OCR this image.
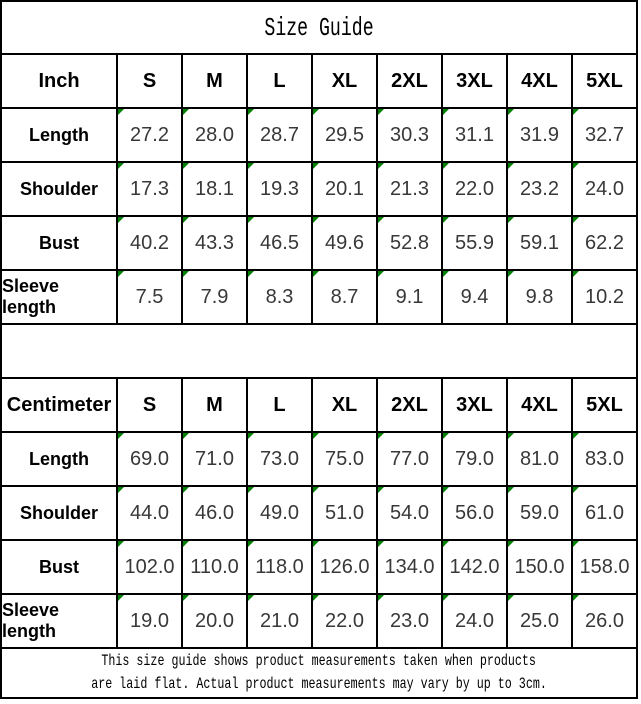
Size Guide
Inch	S	M	L	XL	2XL	3XL	4XL	5XL
Length	27.2 28.0 28.7 29.5 30.3 31.1 31.9 32.7
Shoulder	17.3 18.1 19.3 20.1 21.3 22.0 23.2 24.0
Bust	40.2 43.3 46.5 49.6 52.8 55.9 59.1 62.2
Sleeve length	7.5 7.9 8.3 8.7 9.1 9.4 9.8 10.2
Centimeter	S	M	L	XL	2XL	3XL	4XL	5XL
Length	69.0 71.0 73.0 75.0 77.0 79.0 81.0 83.0
Shoulder	44.0 46.0 49.0 51.0 54.0 56.0 59.0 61.0
Bust	102.0 110.0 118.0 126.0 134.0 142.0 150.0 158.0
Sleeve length	19.0 20.0 21.0 22.0 23.0 24.0 25.0 26.0
This size guide shows product measurements taken when products
are laid flat. Actual product measurements may vary by up to 3cm.
